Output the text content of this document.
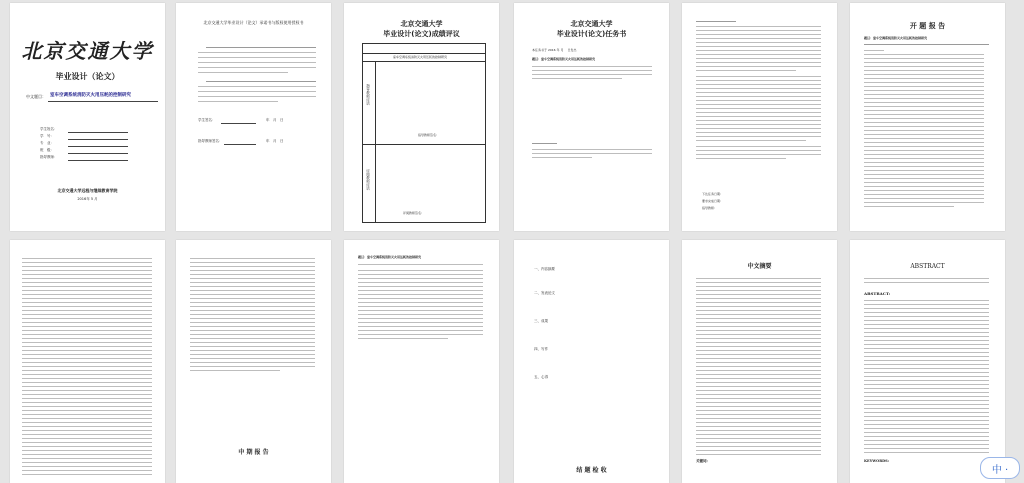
北京交通大学
毕业设计（论文）
中文题目： 室车空调系统消防灭火用压耗的控制研究
学生姓名：
学　号：
专　业：
班　级：
指导教师：
北京交通大学远程与继续教育学院
2016年 5 月
北京交通大学毕业设计（论文）承诺书与版权使用授权书
学生签名：	年　月　日
指导教师签名：	年　月　日
北京交通大学
毕业设计(论文)成绩评议
室车空调系统消防灭火用压耗的控制研究
指导教师评语
评阅教师评语
指导教师签名：
评阅教师签名：
北京交通大学
毕业设计(论文)任务书
本任务书于 2016 年 月 　日发出
题目：室车空调系统消防灭火用压耗的控制研究
下达任务日期：
要求完成日期：
指导教师：
开 题 报 告
题目：室车空调系统消防灭火用压耗的控制研究
中 期 报 告
题目：室车空调系统消防灭火用压耗的控制研究
一、内容摘要
二、发表论文
三、成果
四、写作
五、心得
结 题 检 收
中文摘要
关键词：
ABSTRACT
ABSTRACT:
KEYWORDS:
中 ·
